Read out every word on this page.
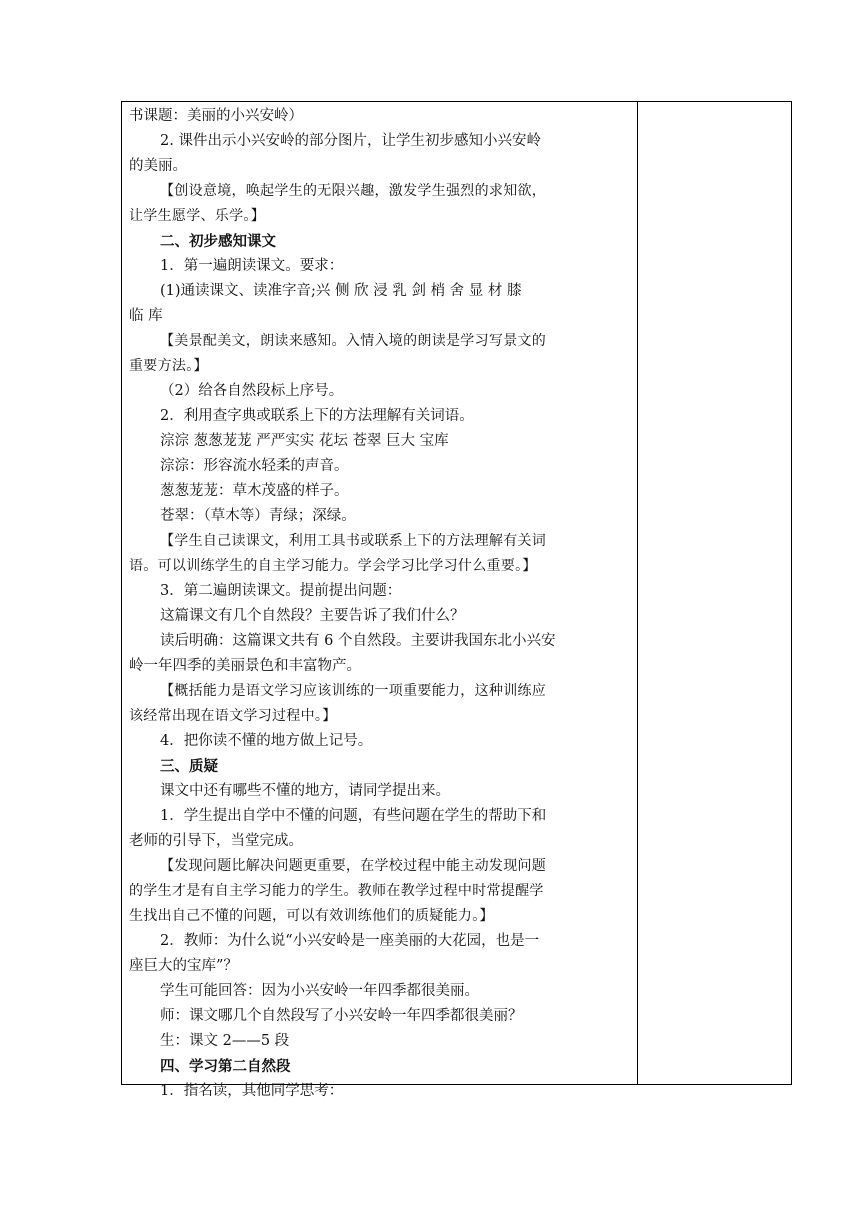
书课题：美丽的小兴安岭）

2. 课件出示小兴安岭的部分图片，让学生初步感知小兴安岭

的美丽。

【创设意境，唤起学生的无限兴趣，激发学生强烈的求知欲，

让学生愿学、乐学。】

二、初步感知课文

1．第一遍朗读课文。要求：

(1)通读课文、读准字音;兴 侧 欣 浸 乳 剑 梢 舍 显 材 膝

临 库

【美景配美文，朗读来感知。入情入境的朗读是学习写景文的

重要方法。】

（2）给各自然段标上序号。

2．利用查字典或联系上下的方法理解有关词语。

淙淙 葱葱茏茏 严严实实 花坛 苍翠 巨大 宝库

淙淙：形容流水轻柔的声音。

葱葱茏茏：草木茂盛的样子。

苍翠：（草木等）青绿；深绿。

【学生自己读课文，利用工具书或联系上下的方法理解有关词

语。可以训练学生的自主学习能力。学会学习比学习什么重要。】

3．第二遍朗读课文。提前提出问题：

这篇课文有几个自然段？主要告诉了我们什么？

读后明确：这篇课文共有 6 个自然段。主要讲我国东北小兴安

岭一年四季的美丽景色和丰富物产。

【概括能力是语文学习应该训练的一项重要能力，这种训练应

该经常出现在语文学习过程中。】

4．把你读不懂的地方做上记号。

三、质疑

课文中还有哪些不懂的地方，请同学提出来。

1．学生提出自学中不懂的问题，有些问题在学生的帮助下和

老师的引导下，当堂完成。

【发现问题比解决问题更重要，在学校过程中能主动发现问题

的学生才是有自主学习能力的学生。教师在教学过程中时常提醒学

生找出自己不懂的问题，可以有效训练他们的质疑能力。】

2．教师：为什么说“小兴安岭是一座美丽的大花园，也是一

座巨大的宝库”？

学生可能回答：因为小兴安岭一年四季都很美丽。

师：课文哪几个自然段写了小兴安岭一年四季都很美丽？

生：课文 2——5 段

四、学习第二自然段

1．指名读，其他同学思考：
